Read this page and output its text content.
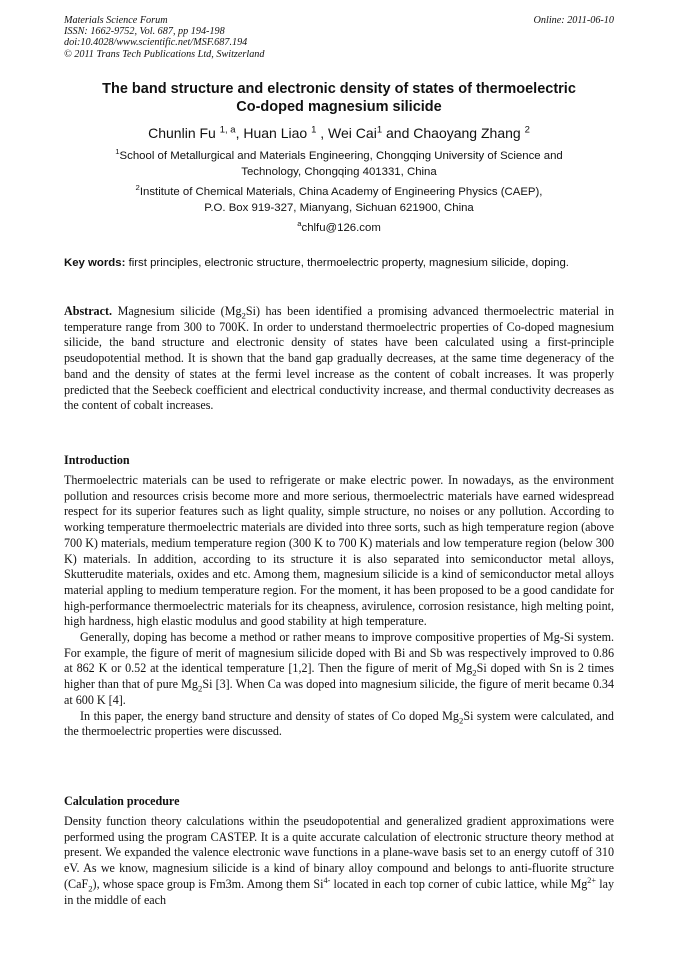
Materials Science Forum
ISSN: 1662-9752, Vol. 687, pp 194-198
doi:10.4028/www.scientific.net/MSF.687.194
© 2011 Trans Tech Publications Ltd, Switzerland
Online: 2011-06-10
The band structure and electronic density of states of thermoelectric
Co-doped magnesium silicide
Chunlin Fu $^{1, a}$, Huan Liao $^1$ , Wei Cai$^1$ and Chaoyang Zhang $^2$
$^1$School of Metallurgical and Materials Engineering, Chongqing University of Science and
Technology, Chongqing 401331, China
$^2$Institute of Chemical Materials, China Academy of Engineering Physics (CAEP),
P.O. Box 919-327, Mianyang, Sichuan 621900, China
$^a$chlfu@126.com
Key words: first principles, electronic structure, thermoelectric property, magnesium silicide, doping.

Abstract. Magnesium silicide $(Mg_2Si)$ has been identified a promising advanced thermoelectric material in temperature range from 300 to 700K. In order to understand thermoelectric properties of Co-doped magnesium silicide, the band structure and electronic density of states have been calculated using a first-principle pseudopotential method. It is shown that the band gap gradually decreases, at the same time degeneracy of the band and the density of states at the fermi level increase as the content of cobalt increases. It was properly predicted that the Seebeck coefficient and electrical conductivity increase, and thermal conductivity decreases as the content of cobalt increases.

Introduction

Thermoelectric materials can be used to refrigerate or make electric power. In nowadays, as the environment pollution and resources crisis become more and more serious, thermoelectric materials have earned widespread respect for its superior features such as light quality, simple structure, no noises or any pollution. According to working temperature thermoelectric materials are divided into three sorts, such as high temperature region (above 700 K) materials, medium temperature region (300 K to 700 K) materials and low temperature region (below 300 K) materials. In addition, according to its structure it is also separated into semiconductor metal alloys, Skutterudite materials, oxides and etc. Among them, magnesium silicide is a kind of semiconductor metal alloys material appling to medium temperature region. For the moment, it has been proposed to be a good candidate for high-performance thermoelectric materials for its cheapness, avirulence, corrosion resistance, high melting point, high hardness, high elastic modulus and good stability at high temperature.

Generally, doping has become a method or rather means to improve compositive properties of Mg-Si system. For example, the figure of merit of magnesium silicide doped with Bi and Sb was respectively improved to 0.86 at 862 K or 0.52 at the identical temperature [1,2]. Then the figure of merit of $Mg_2Si$ doped with Sn is 2 times higher than that of pure $Mg_2Si$ [3]. When Ca was doped into magnesium silicide, the figure of merit became 0.34 at 600 K [4].

In this paper, the energy band structure and density of states of Co doped $Mg_2Si$ system were calculated, and the thermoelectric properties were discussed.

Calculation procedure

Density function theory calculations within the pseudopotential and generalized gradient approximations were performed using the program CASTEP. It is a quite accurate calculation of electronic structure theory method at present. We expanded the valence electronic wave functions in a plane-wave basis set to an energy cutoff of 310 eV. As we know, magnesium silicide is a kind of binary alloy compound and belongs to anti-fluorite structure (CaF$_2$), whose space group is Fm3m. Among them $Si^{4-}$ located in each top corner of cubic lattice, while $Mg^{2+}$ lay in the middle of each
